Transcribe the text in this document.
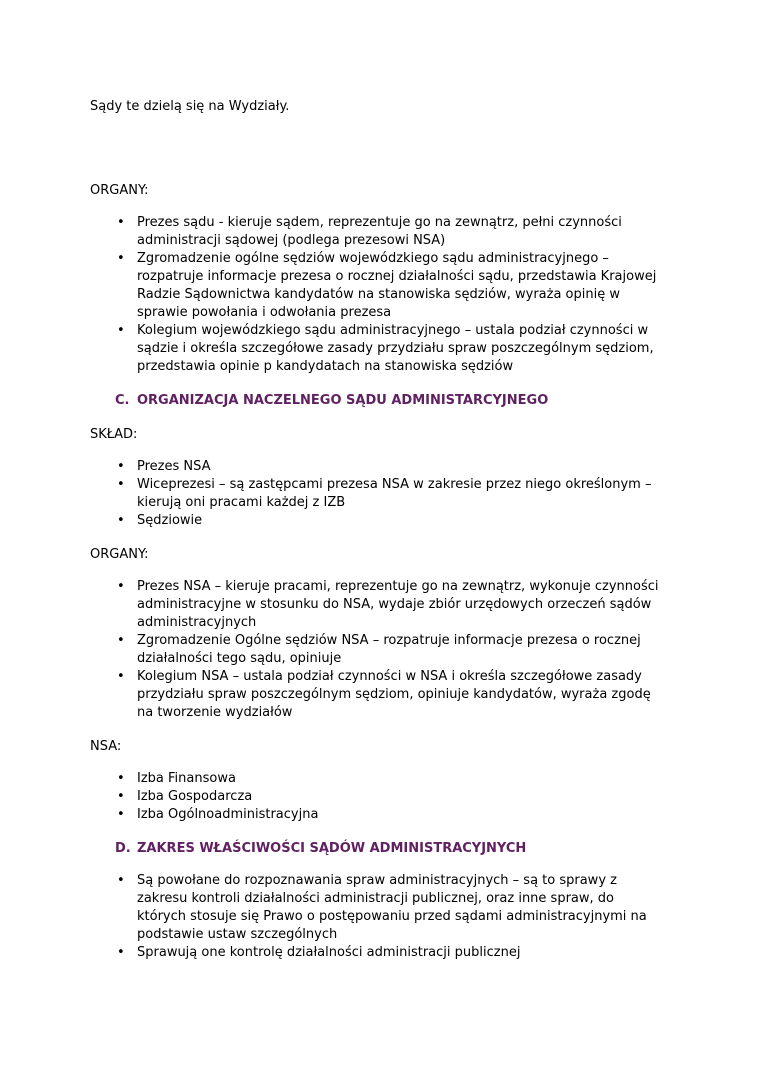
Sądy te dzielą się na Wydziały.

ORGANY:

• Prezes sądu - kieruje sądem, reprezentuje go na zewnątrz, pełni czynności administracji sądowej (podlega prezesowi NSA)
• Zgromadzenie ogólne sędziów wojewódzkiego sądu administracyjnego – rozpatruje informacje prezesa o rocznej działalności sądu, przedstawia Krajowej Radzie Sądownictwa kandydatów na stanowiska sędziów, wyraża opinię w sprawie powołania i odwołania prezesa
• Kolegium wojewódzkiego sądu administracyjnego – ustala podział czynności w sądzie i określa szczegółowe zasady przydziału spraw poszczególnym sędziom, przedstawia opinie p kandydatach na stanowiska sędziów

C. ORGANIZACJA NACZELNEGO SĄDU ADMINISTARCYJNEGO

SKŁAD:

• Prezes NSA
• Wiceprezesi – są zastępcami prezesa NSA w zakresie przez niego określonym – kierują oni pracami każdej z IZB
• Sędziowie

ORGANY:

• Prezes NSA – kieruje pracami, reprezentuje go na zewnątrz, wykonuje czynności administracyjne w stosunku do NSA, wydaje zbiór urzędowych orzeczeń sądów administracyjnych
• Zgromadzenie Ogólne sędziów NSA – rozpatruje informacje prezesa o rocznej działalności tego sądu, opiniuje
• Kolegium NSA – ustala podział czynności w NSA i określa szczegółowe zasady przydziału spraw poszczególnym sędziom, opiniuje kandydatów, wyraża zgodę na tworzenie wydziałów

NSA:

• Izba Finansowa
• Izba Gospodarcza
• Izba Ogólnoadministracyjna

D. ZAKRES WŁAŚCIWOŚCI SĄDÓW ADMINISTRACYJNYCH

• Są powołane do rozpoznawania spraw administracyjnych – są to sprawy z zakresu kontroli działalności administracji publicznej, oraz inne spraw, do których stosuje się Prawo o postępowaniu przed sądami administracyjnymi na podstawie ustaw szczególnych
• Sprawują one kontrolę działalności administracji publicznej
